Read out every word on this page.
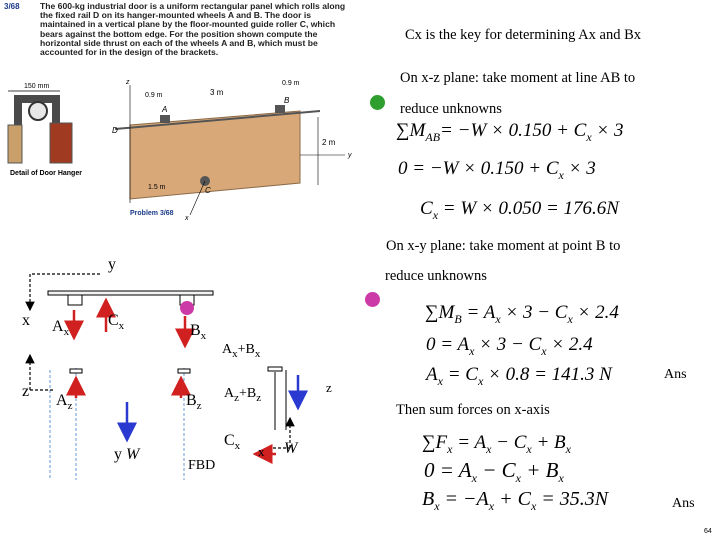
3/68 The 600-kg industrial door is a uniform rectangular panel which rolls along the fixed rail D on its hanger-mounted wheels A and B. The door is maintained in a vertical plane by the floor-mounted guide roller C, which bears against the bottom edge. For the position shown compute the horizontal side thrust on each of the wheels A and B, which must be accounted for in the design of the brackets.
150 mm
Detail of Door Hanger
D
A
B
C
x
y
z
0.9 m	3 m
0.9 m
2 m
1.5 m
Problem 3/68
Cx is the key for determining Ax and Bx
On x-z plane: take moment at line AB to
reduce unknowns
On x-y plane: take moment at point B to
reduce unknowns
Then sum forces on x-axis
$\sum M_{AB}= -W \times 0.150 + C_x \times 3$
$0 = -W \times 0.150 + C_x \times 3$
$C_x = W \times 0.050 = 176.6N$
$\sum M_B = A_x \times 3 - C_x \times 2.4$
$0 = A_x \times 3 - C_x \times 2.4$
$A_x = C_x \times 0.8 = 141.3$ N	Ans
$\sum F_x = A_x - C_x + B_x$
$0 = A_x - C_x + B_x$
$B_x = -A_x + C_x = 35.3N$	Ans
y
x $A_x$
$C_x$	$B_x$
$A_x+B_x$
z
$A_z$	$B_z$
$A_z+B_z$
z
$C_x$ x W
y W
FBD
64
